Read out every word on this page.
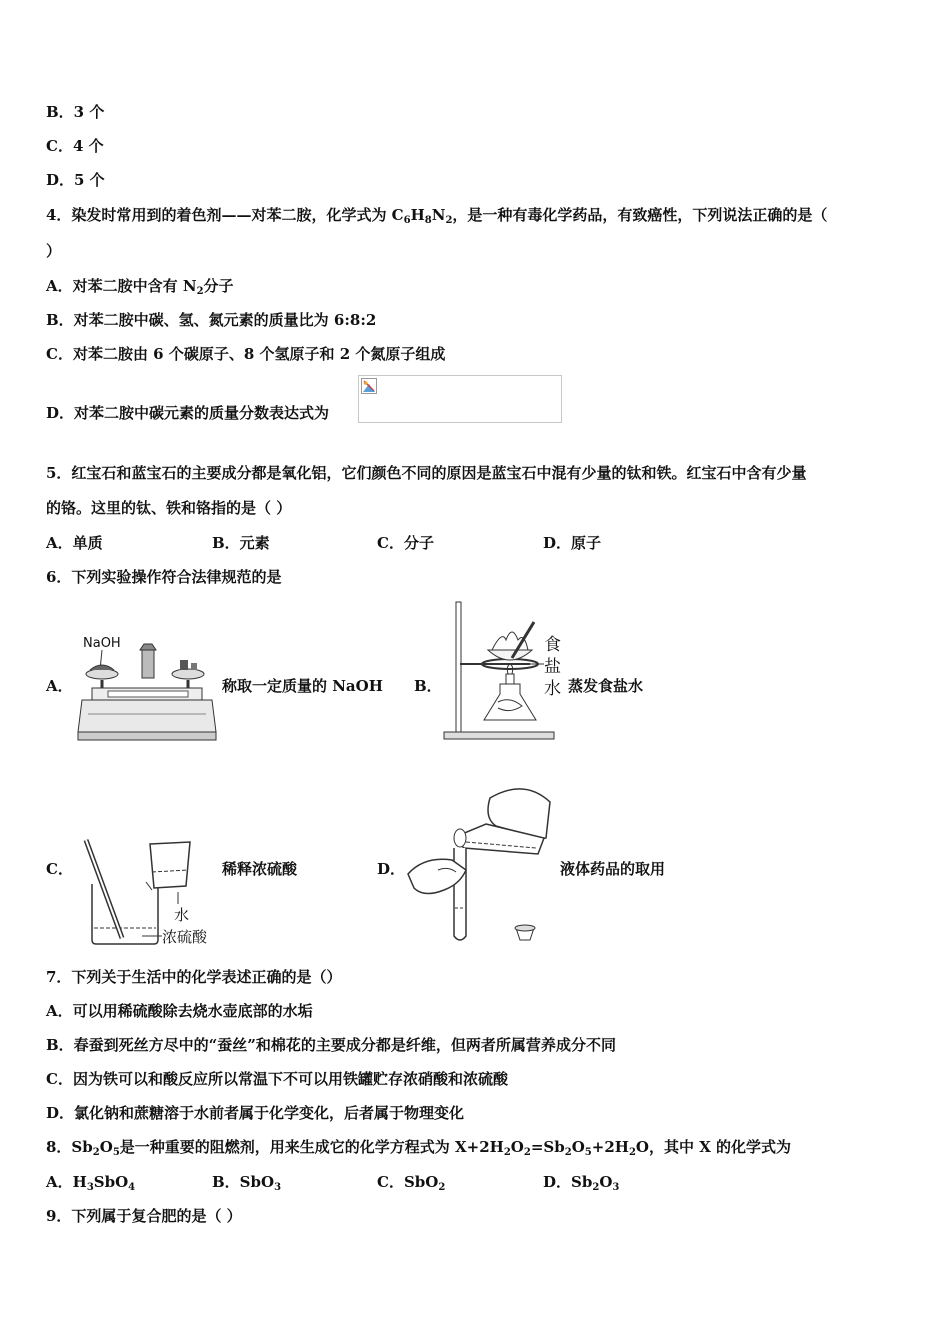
B．3 个
C．4 个
D．5 个
4．染发时常用到的着色剂——对苯二胺，化学式为 $C_6H_8N_2$，是一种有毒化学药品，有致癌性，下列说法正确的是（
）
A．对苯二胺中含有 $N_2$分子
B．对苯二胺中碳、氢、氮元素的质量比为 6:8:2
C．对苯二胺由 6 个碳原子、8 个氢原子和 2 个氮原子组成
D．对苯二胺中碳元素的质量分数表达式为
5．红宝石和蓝宝石的主要成分都是氧化铝，它们颜色不同的原因是蓝宝石中混有少量的钛和铁。红宝石中含有少量
的铬。这里的钛、铁和铬指的是（ ）
A．单质	B．元素	C．分子	D．原子
6．下列实验操作符合法律规范的是
A．
NaOH
称取一定质量的 NaOH B．
食
盐
水 蒸发食盐水
C．
水
浓硫酸
稀释浓硫酸	D．	液体药品的取用
7．下列关于生活中的化学表述正确的是（）
A．可以用稀硫酸除去烧水壶底部的水垢
B．春蚕到死丝方尽中的“蚕丝”和棉花的主要成分都是纤维，但两者所属营养成分不同
C．因为铁可以和酸反应所以常温下不可以用铁罐贮存浓硝酸和浓硫酸
D．氯化钠和蔗糖溶于水前者属于化学变化，后者属于物理变化
8．$Sb_2O_5$是一种重要的阻燃剂，用来生成它的化学方程式为 $X+2H_2O_2=Sb_2O_5+2H_2O$，其中 X 的化学式为
A．$H_3SbO_4$	B．SbO$_3$	C．SbO$_2$	D．$Sb_2O_3$
9．下列属于复合肥的是（ ）
